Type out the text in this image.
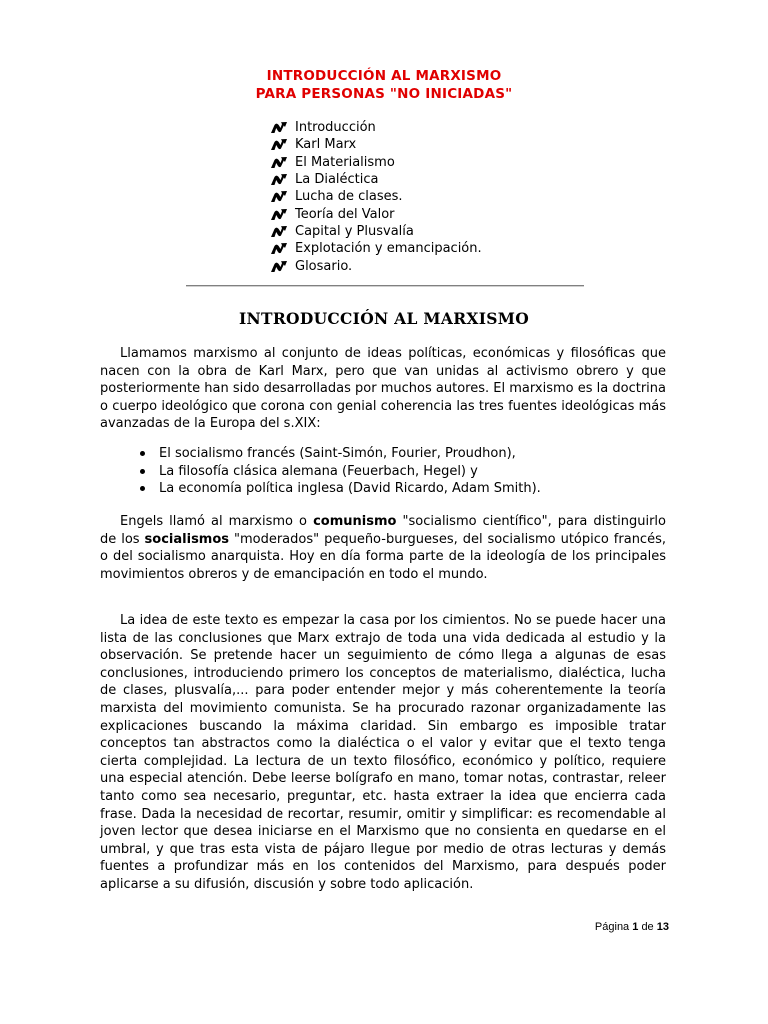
INTRODUCCIÓN AL MARXISMO
PARA PERSONAS "NO INICIADAS"
Introducción
Karl Marx
El Materialismo
La Dialéctica
Lucha de clases.
Teoría del Valor
Capital y Plusvalía
Explotación y emancipación.
Glosario.
INTRODUCCIÓN AL MARXISMO

Llamamos marxismo al conjunto de ideas políticas, económicas y filosóficas que nacen con la obra de Karl Marx, pero que van unidas al activismo obrero y que posteriormente han sido desarrolladas por muchos autores. El marxismo es la doctrina o cuerpo ideológico que corona con genial coherencia las tres fuentes ideológicas más avanzadas de la Europa del s.XIX:

El socialismo francés (Saint-Simón, Fourier, Proudhon),
La filosofía clásica alemana (Feuerbach, Hegel) y
La economía política inglesa (David Ricardo, Adam Smith).

Engels llamó al marxismo o comunismo "socialismo científico", para distinguirlo de los socialismos "moderados" pequeño-burgueses, del socialismo utópico francés, o del socialismo anarquista. Hoy en día forma parte de la ideología de los principales movimientos obreros y de emancipación en todo el mundo.

La idea de este texto es empezar la casa por los cimientos. No se puede hacer una lista de las conclusiones que Marx extrajo de toda una vida dedicada al estudio y la observación. Se pretende hacer un seguimiento de cómo llega a algunas de esas conclusiones, introduciendo primero los conceptos de materialismo, dialéctica, lucha de clases, plusvalía,... para poder entender mejor y más coherentemente la teoría marxista del movimiento comunista. Se ha procurado razonar organizadamente las explicaciones buscando la máxima claridad. Sin embargo es imposible tratar conceptos tan abstractos como la dialéctica o el valor y evitar que el texto tenga cierta complejidad. La lectura de un texto filosófico, económico y político, requiere una especial atención. Debe leerse bolígrafo en mano, tomar notas, contrastar, releer tanto como sea necesario, preguntar, etc. hasta extraer la idea que encierra cada frase. Dada la necesidad de recortar, resumir, omitir y simplificar: es recomendable al joven lector que desea iniciarse en el Marxismo que no consienta en quedarse en el umbral, y que tras esta vista de pájaro llegue por medio de otras lecturas y demás fuentes a profundizar más en los contenidos del Marxismo, para después poder aplicarse a su difusión, discusión y sobre todo aplicación.

Página 1 de 13
